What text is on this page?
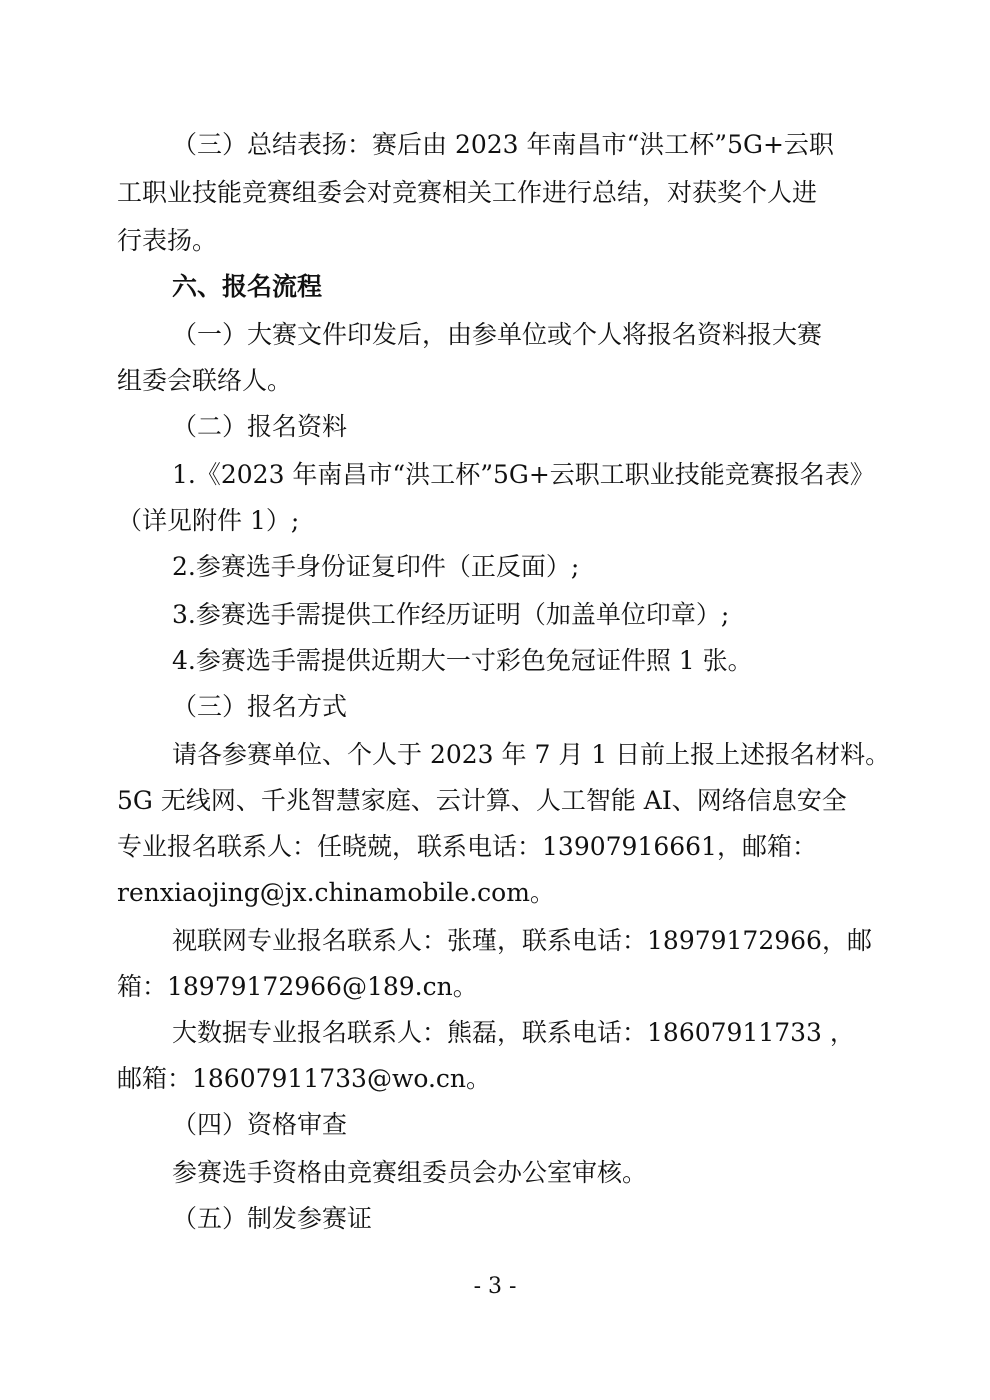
（三）总结表扬：赛后由 2023 年南昌市“洪工杯”5G+云职
工职业技能竞赛组委会对竞赛相关工作进行总结，对获奖个人进
行表扬。
六、报名流程
（一）大赛文件印发后，由参单位或个人将报名资料报大赛
组委会联络人。
（二）报名资料
1.《2023 年南昌市“洪工杯”5G+云职工职业技能竞赛报名表》
（详见附件 1）;
2.参赛选手身份证复印件（正反面）;
3.参赛选手需提供工作经历证明（加盖单位印章）;
4.参赛选手需提供近期大一寸彩色免冠证件照 1 张。
（三）报名方式
请各参赛单位、个人于 2023 年 7 月 1 日前上报上述报名材料。
5G 无线网、千兆智慧家庭、云计算、人工智能 AI、网络信息安全
专业报名联系人：任晓兢，联系电话：13907916661，邮箱：
renxiaojing@jx.chinamobile.com。
视联网专业报名联系人：张瑾，联系电话：18979172966，邮
箱：18979172966@189.cn。
大数据专业报名联系人：熊磊，联系电话：18607911733 ，
邮箱：18607911733@wo.cn。
（四）资格审查
参赛选手资格由竞赛组委员会办公室审核。
（五）制发参赛证
- 3 -
